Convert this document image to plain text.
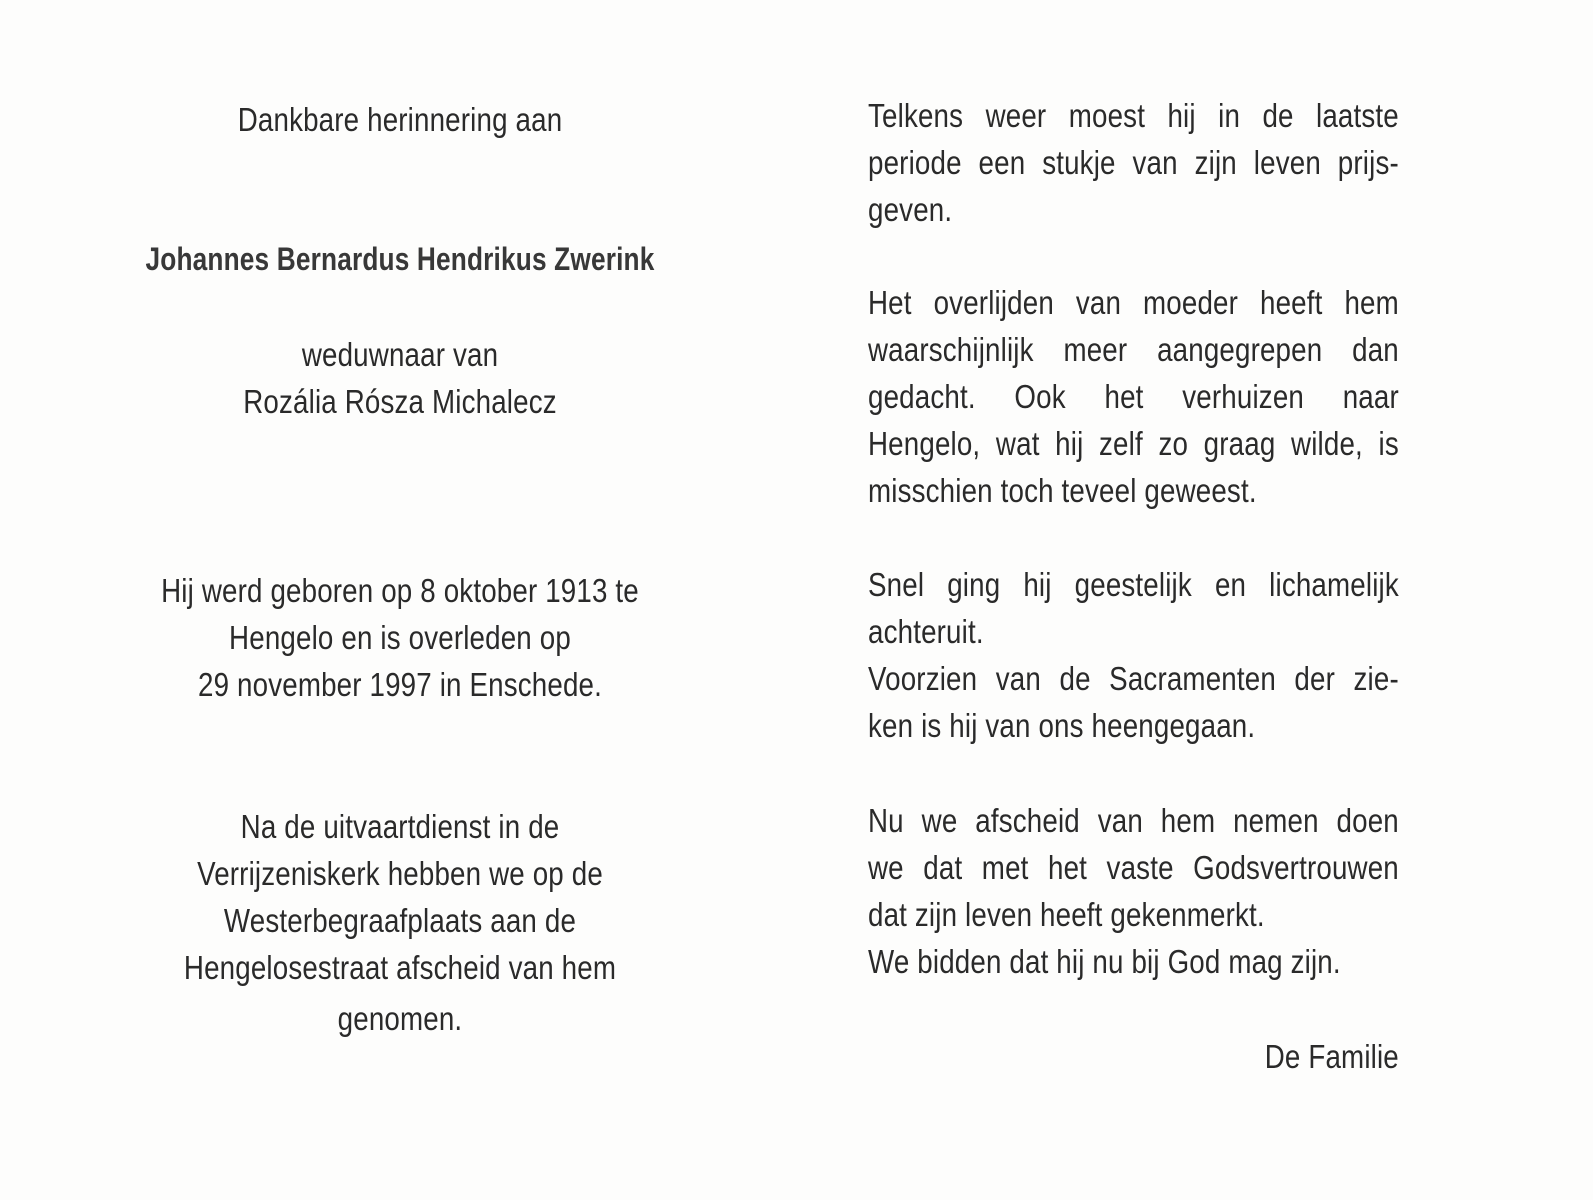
Dankbare herinnering aan

Johannes Bernardus Hendrikus Zwerink

weduwnaar van

Rozália Rósza Michalecz

Hij werd geboren op 8 oktober 1913 te

Hengelo en is overleden op

29 november 1997 in Enschede.

Na de uitvaartdienst in de

Verrijzeniskerk hebben we op de

Westerbegraafplaats aan de

Hengelosestraat afscheid van hem

genomen.

Telkens weer moest hij in de laatste

periode een stukje van zijn leven prijs-

geven.

Het overlijden van moeder heeft hem

waarschijnlijk meer aangegrepen dan

gedacht. Ook het verhuizen naar

Hengelo, wat hij zelf zo graag wilde, is

misschien toch teveel geweest.

Snel ging hij geestelijk en lichamelijk

achteruit.

Voorzien van de Sacramenten der zie-

ken is hij van ons heengegaan.

Nu we afscheid van hem nemen doen

we dat met het vaste Godsvertrouwen

dat zijn leven heeft gekenmerkt.

We bidden dat hij nu bij God mag zijn.

De Familie
